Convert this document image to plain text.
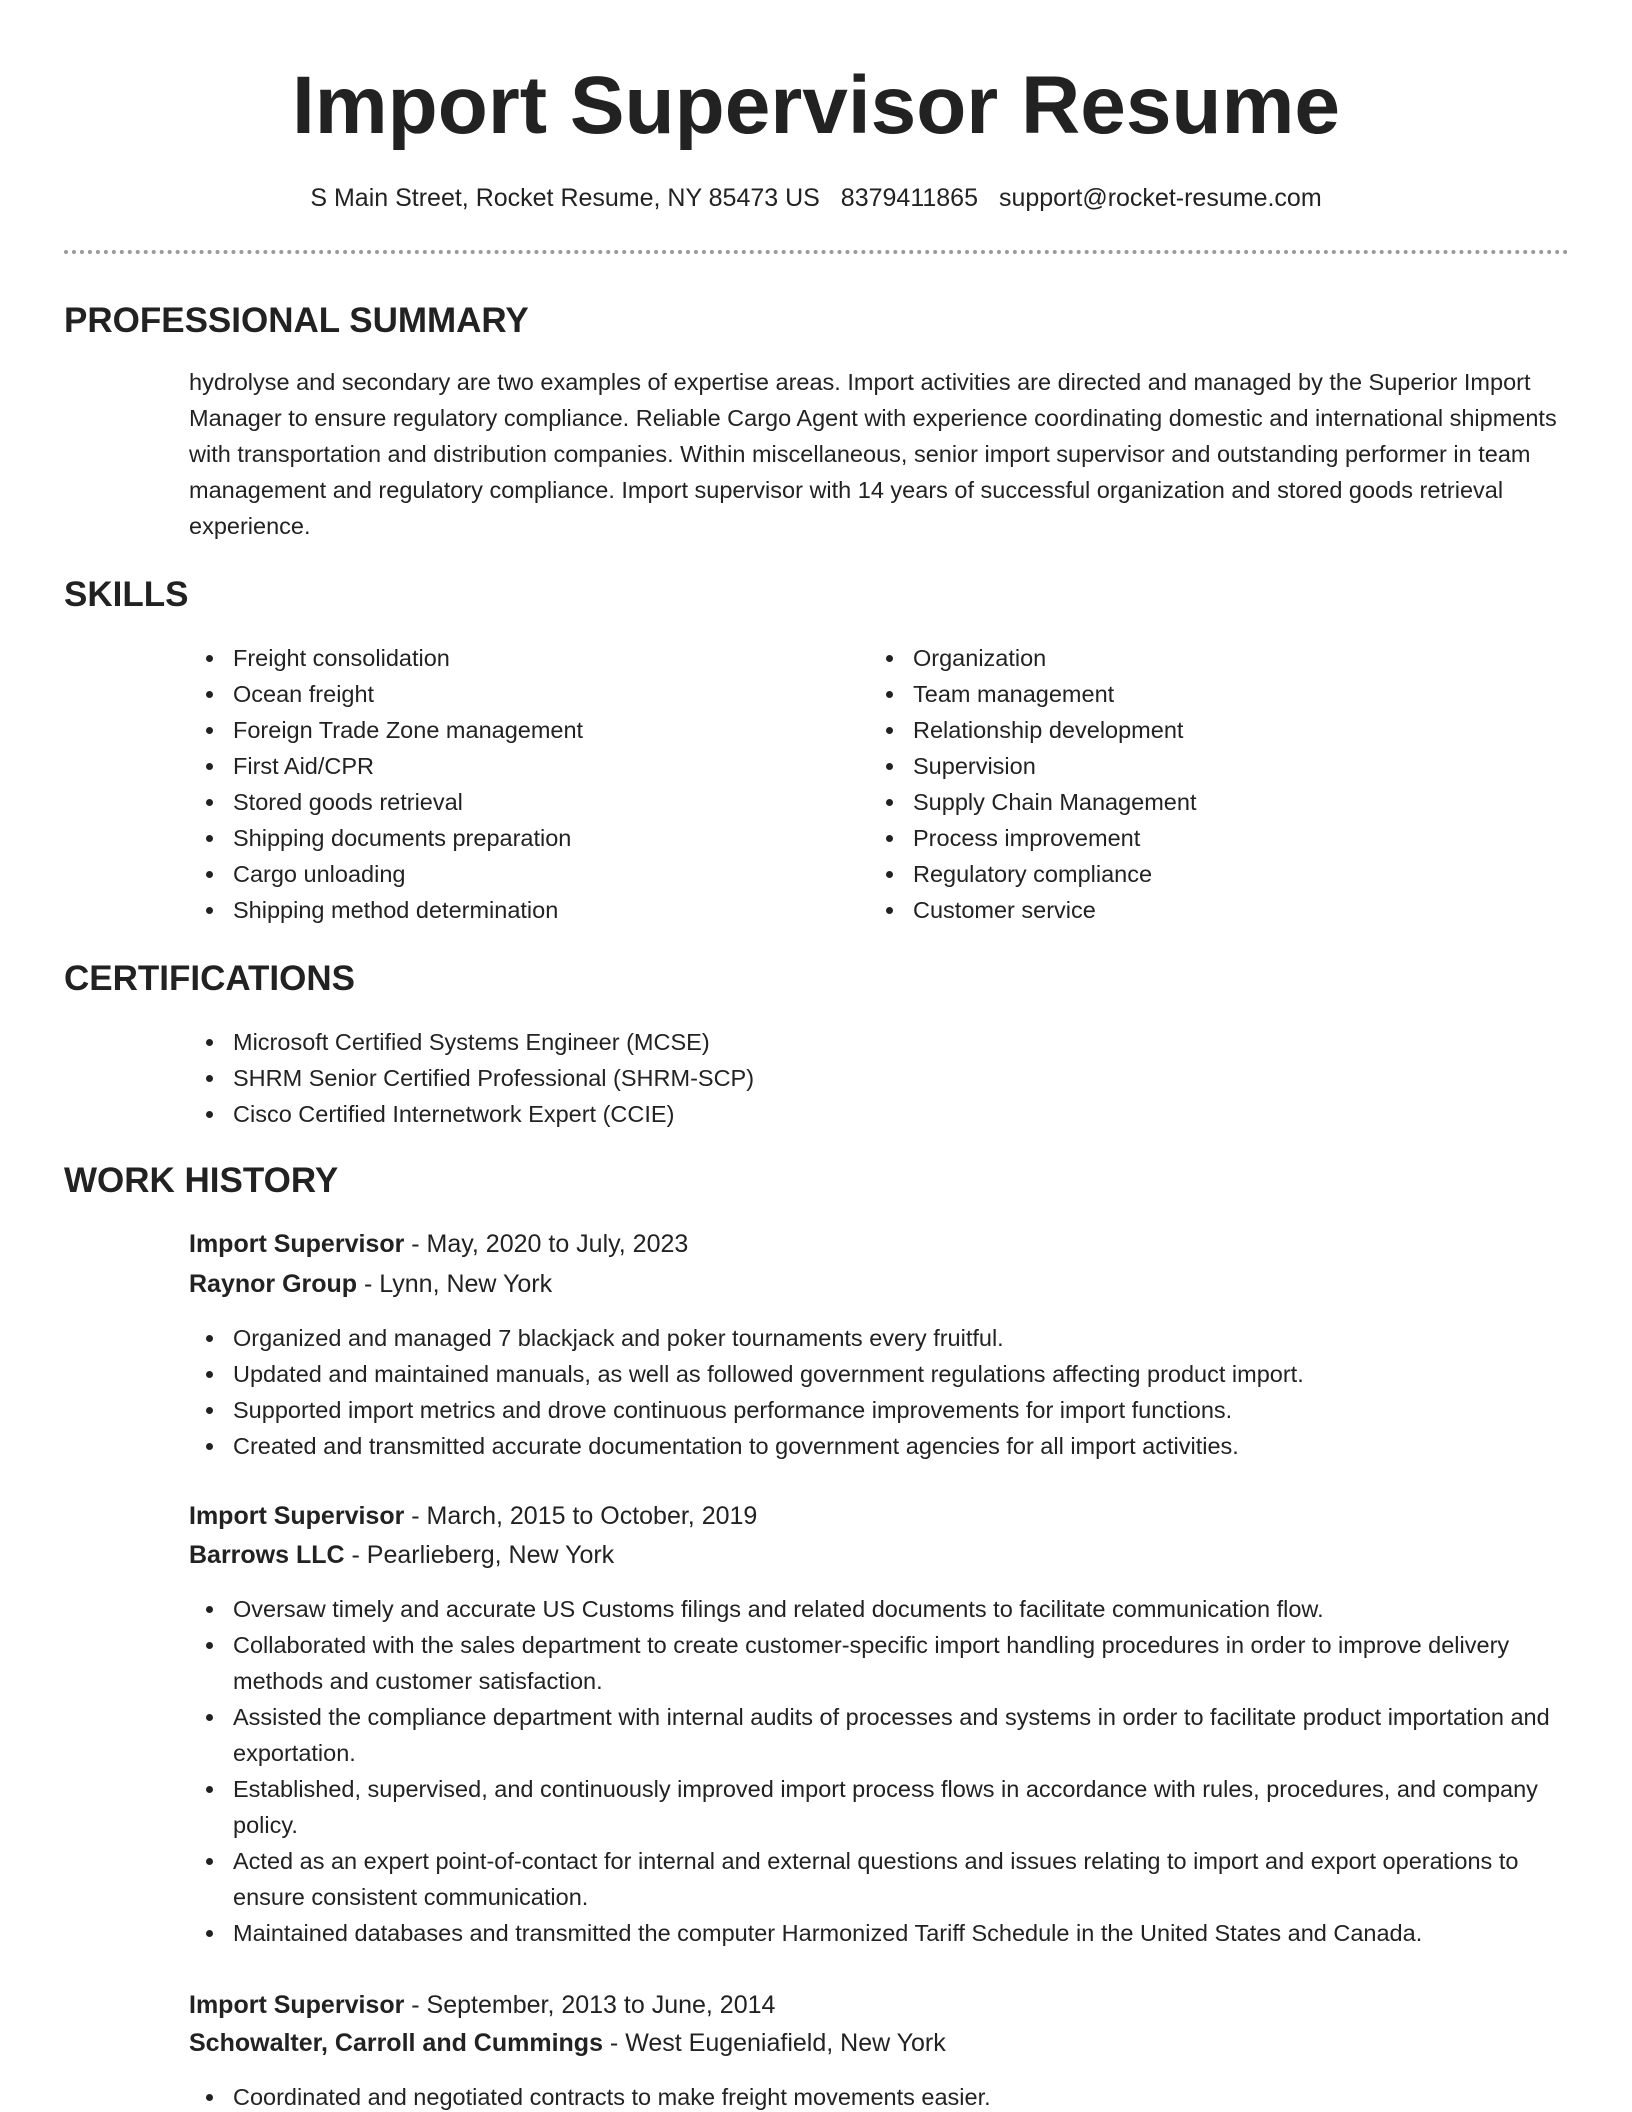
Import Supervisor Resume
S Main Street, Rocket Resume, NY 85473 US 8379411865 support@rocket-resume.com
PROFESSIONAL SUMMARY

hydrolyse and secondary are two examples of expertise areas. Import activities are directed and managed by the Superior Import Manager to ensure regulatory compliance. Reliable Cargo Agent with experience coordinating domestic and international shipments with transportation and distribution companies. Within miscellaneous, senior import supervisor and outstanding performer in team management and regulatory compliance. Import supervisor with 14 years of successful organization and stored goods retrieval experience.

SKILLS
Freight consolidation
Ocean freight
Foreign Trade Zone management
First Aid/CPR
Stored goods retrieval
Shipping documents preparation
Cargo unloading
Shipping method determination
Organization
Team management
Relationship development
Supervision
Supply Chain Management
Process improvement
Regulatory compliance
Customer service
CERTIFICATIONS
Microsoft Certified Systems Engineer (MCSE)
SHRM Senior Certified Professional (SHRM-SCP)
Cisco Certified Internetwork Expert (CCIE)
WORK HISTORY
Import Supervisor - May, 2020 to July, 2023
Raynor Group - Lynn, New York
Organized and managed 7 blackjack and poker tournaments every fruitful.
Updated and maintained manuals, as well as followed government regulations affecting product import.
Supported import metrics and drove continuous performance improvements for import functions.
Created and transmitted accurate documentation to government agencies for all import activities.
Import Supervisor - March, 2015 to October, 2019
Barrows LLC - Pearlieberg, New York
Oversaw timely and accurate US Customs filings and related documents to facilitate communication flow.
Collaborated with the sales department to create customer-specific import handling procedures in order to improve delivery methods and customer satisfaction.
Assisted the compliance department with internal audits of processes and systems in order to facilitate product importation and exportation.
Established, supervised, and continuously improved import process flows in accordance with rules, procedures, and company policy.
Acted as an expert point-of-contact for internal and external questions and issues relating to import and export operations to ensure consistent communication.
Maintained databases and transmitted the computer Harmonized Tariff Schedule in the United States and Canada.
Import Supervisor - September, 2013 to June, 2014
Schowalter, Carroll and Cummings - West Eugeniafield, New York
Coordinated and negotiated contracts to make freight movements easier.
